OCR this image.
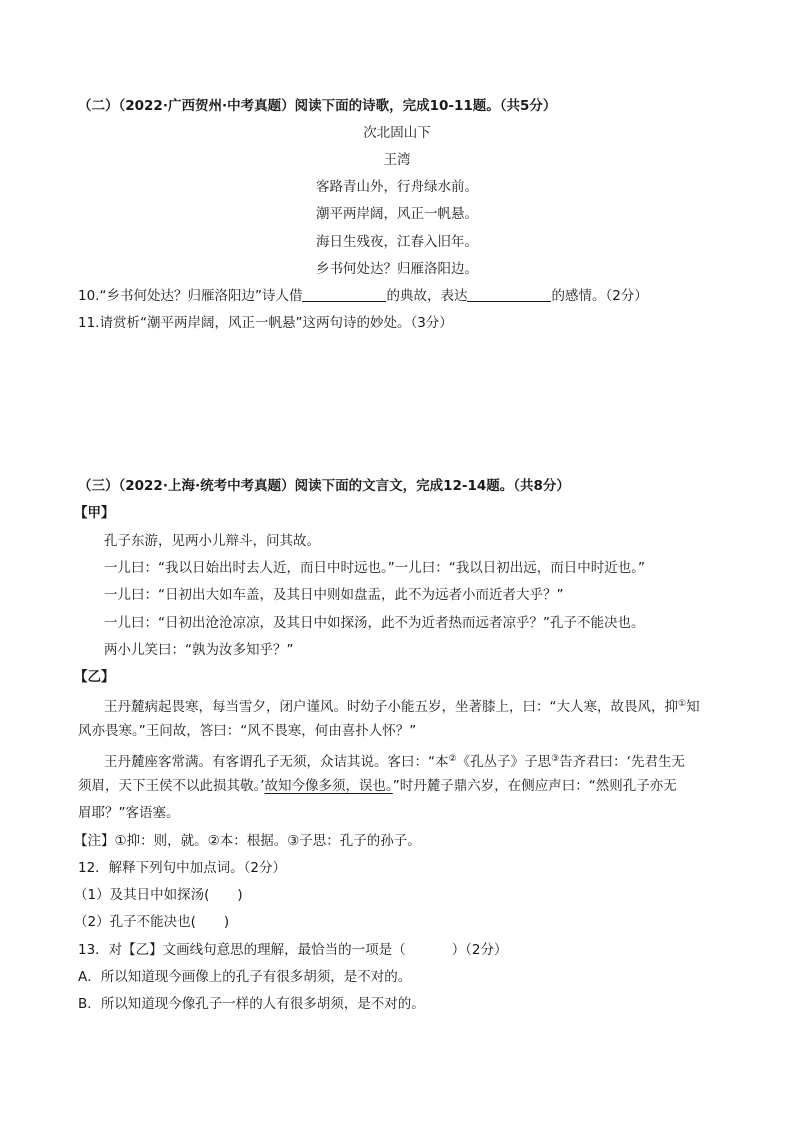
（二）（2022·广西贺州·中考真题）阅读下面的诗歌，完成10-11题。（共5分）
次北固山下
王湾
客路青山外，行舟绿水前。
潮平两岸阔，风正一帆悬。
海日生残夜，江春入旧年。
乡书何处达？归雁洛阳边。
10.“乡书何处达？归雁洛阳边”诗人借	的典故，表达	的感情。（2分）
11.请赏析“潮平两岸阔，风正一帆悬”这两句诗的妙处。（3分）
（三）（2022·上海·统考中考真题）阅读下面的文言文，完成12-14题。（共8分）
【甲】
孔子东游，见两小儿辩斗，问其故。
一儿曰：“我以日始出时去人近，而日中时远也。”一儿曰：“我以日初出远，而日中时近也。”
一儿曰：“日初出大如车盖，及其日中则如盘盂，此不为远者小而近者大乎？”
一儿曰：“日初出沧沧凉凉，及其日中如探汤，此不为近者热而远者凉乎？”孔子不能决也。
两小儿笑曰：“孰为汝多知乎？”
【乙】
王丹麓病起畏寒，每当雪夕，闭户谨风。时幼子小能五岁，坐著膝上，曰：“大人寒，故畏风，抑①知
风亦畏寒。”王问故，答曰：“风不畏寒，何由喜扑人怀？”
王丹麓座客常满。有客谓孔子无须，众诘其说。客曰：“本②《孔丛子》子思③告齐君曰：‘先君生无
须眉，天下王侯不以此损其敬。’故知今像多须，误也。”时丹麓子鼎六岁，在侧应声曰：“然则孔子亦无
眉耶？”客语塞。
【注】①抑：则，就。②本：根据。③子思：孔子的孙子。
12．解释下列句中加点词。（2分）
（1）及其日中如探汤( )
（2）孔子不能决也( )
13．对【乙】文画线句意思的理解，最恰当的一项是（	）（2分）
A．所以知道现今画像上的孔子有很多胡须，是不对的。
B．所以知道现今像孔子一样的人有很多胡须，是不对的。
